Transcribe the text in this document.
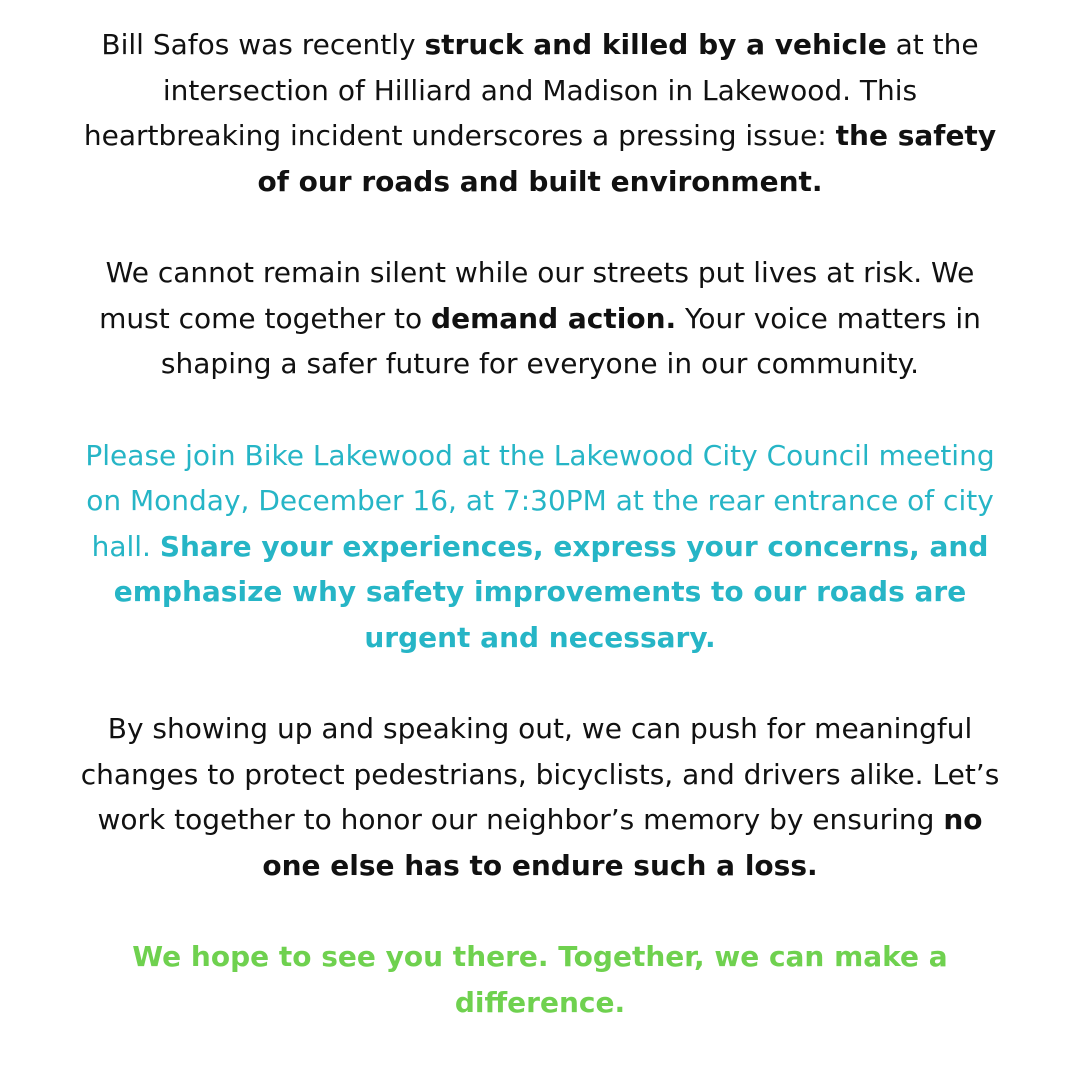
Bill Safos was recently struck and killed by a vehicle at the intersection of Hilliard and Madison in Lakewood. This heartbreaking incident underscores a pressing issue: the safety of our roads and built environment.

We cannot remain silent while our streets put lives at risk. We must come together to demand action. Your voice matters in shaping a safer future for everyone in our community.

Please join Bike Lakewood at the Lakewood City Council meeting on Monday, December 16, at 7:30PM at the rear entrance of city hall. Share your experiences, express your concerns, and emphasize why safety improvements to our roads are urgent and necessary.

By showing up and speaking out, we can push for meaningful changes to protect pedestrians, bicyclists, and drivers alike. Let’s work together to honor our neighbor’s memory by ensuring no one else has to endure such a loss.

We hope to see you there. Together, we can make a difference.
